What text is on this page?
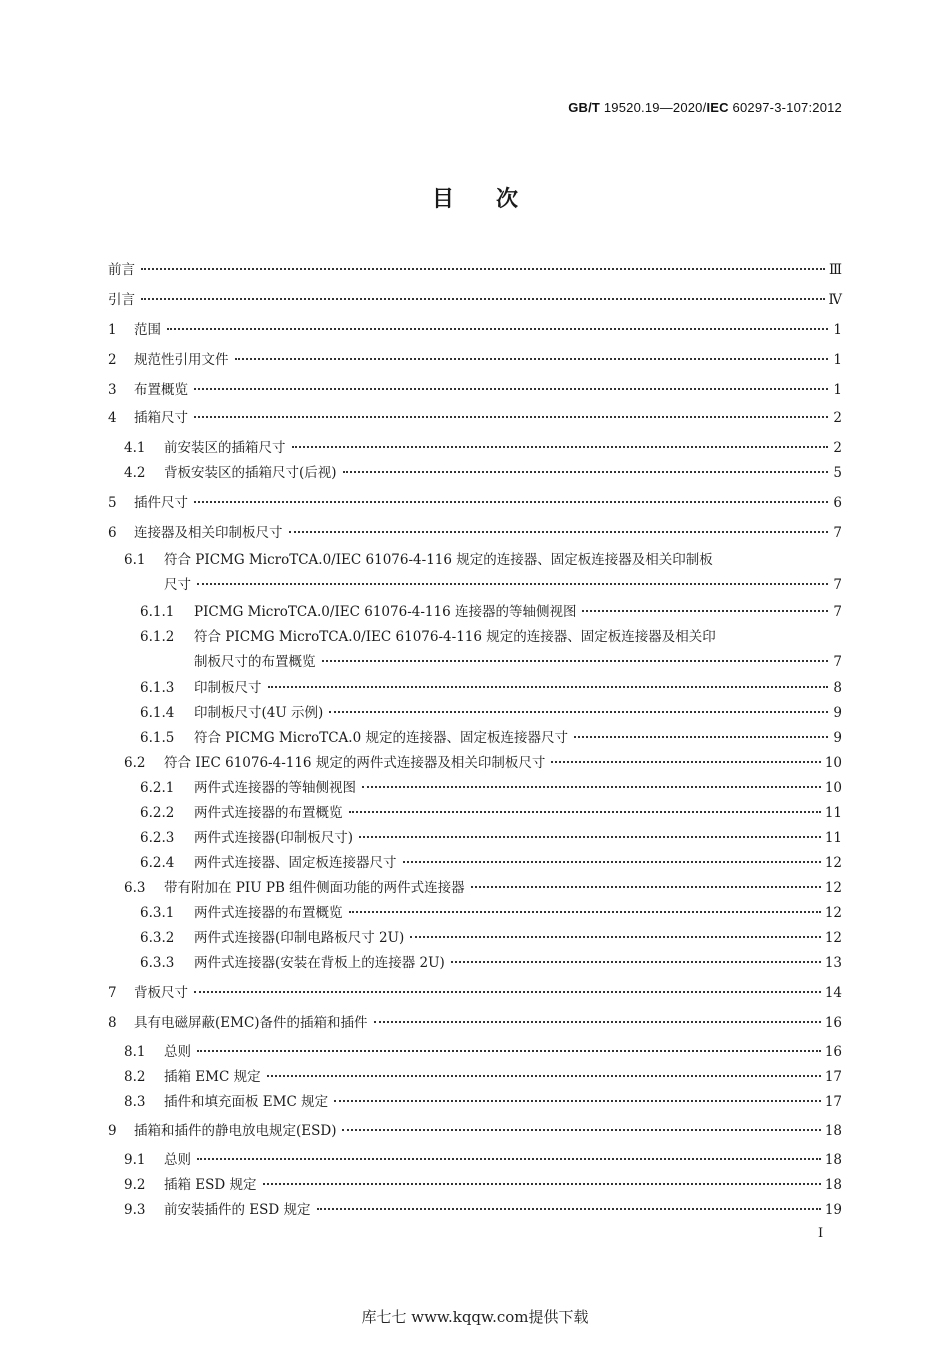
GB/T 19520.19—2020/IEC 60297-3-107:2012
目次
前言	Ⅲ
引言	Ⅳ
1	范围	1
2	规范性引用文件	1
3	布置概览	1
4	插箱尺寸	2
4.1	前安装区的插箱尺寸	2
4.2	背板安装区的插箱尺寸(后视)	5
5	插件尺寸	6
6	连接器及相关印制板尺寸	7
6.1 符合 PICMG MicroTCA.0/IEC 61076-4-116 规定的连接器、固定板连接器及相关印制板
尺寸	7
6.1.1	PICMG MicroTCA.0/IEC 61076-4-116 连接器的等轴侧视图	7
6.1.2 符合 PICMG MicroTCA.0/IEC 61076-4-116 规定的连接器、固定板连接器及相关印
制板尺寸的布置概览	7
6.1.3	印制板尺寸	8
6.1.4	印制板尺寸(4U 示例)	9
6.1.5	符合 PICMG MicroTCA.0 规定的连接器、固定板连接器尺寸	9
6.2	符合 IEC 61076-4-116 规定的两件式连接器及相关印制板尺寸	10
6.2.1	两件式连接器的等轴侧视图	10
6.2.2	两件式连接器的布置概览	11
6.2.3	两件式连接器(印制板尺寸)	11
6.2.4	两件式连接器、固定板连接器尺寸	12
6.3	带有附加在 PIU PB 组件侧面功能的两件式连接器	12
6.3.1	两件式连接器的布置概览	12
6.3.2	两件式连接器(印制电路板尺寸 2U)	12
6.3.3	两件式连接器(安装在背板上的连接器 2U)	13
7	背板尺寸	14
8	具有电磁屏蔽(EMC)备件的插箱和插件	16
8.1	总则	16
8.2	插箱 EMC 规定	17
8.3	插件和填充面板 EMC 规定	17
9	插箱和插件的静电放电规定(ESD)	18
9.1	总则	18
9.2	插箱 ESD 规定	18
9.3	前安装插件的 ESD 规定	19
I
库七七 www.kqqw.com提供下载
